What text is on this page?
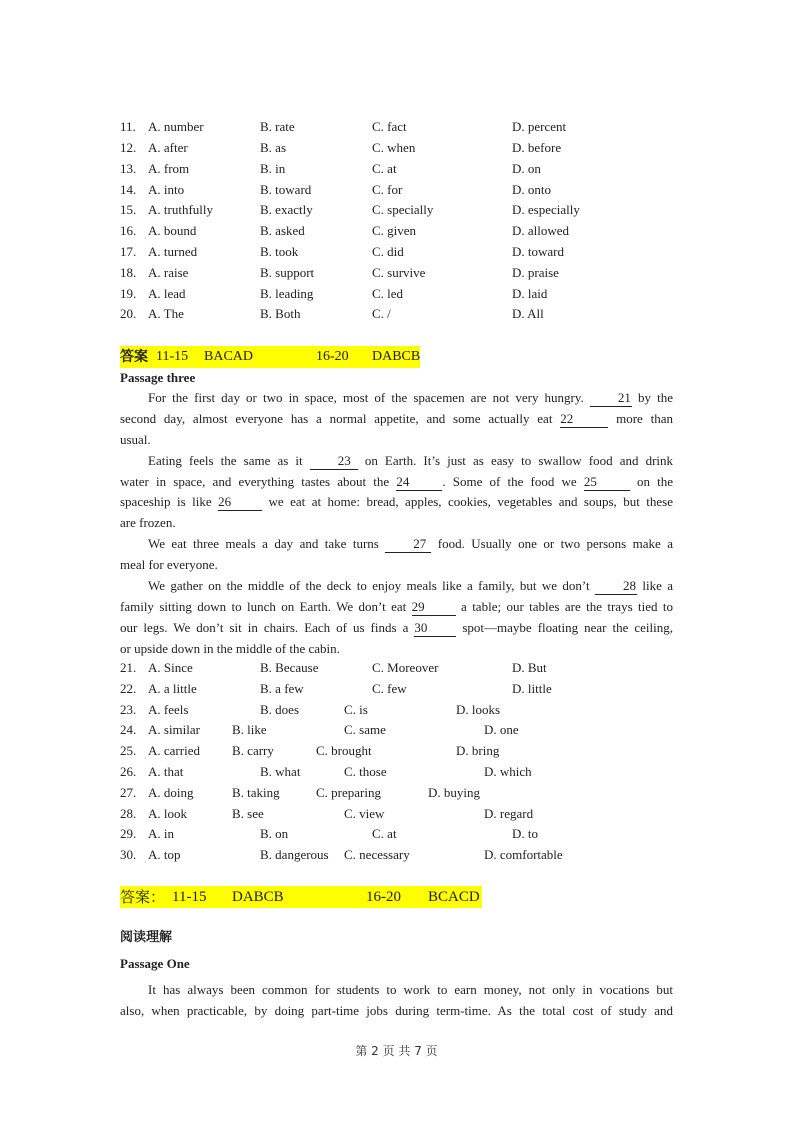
11. A. number	B. rate	C. fact	D. percent
12. A. after	B. as	C. when	D. before
13. A. from	B. in	C. at	D. on
14. A. into	B. toward	C. for	D. onto
15. A. truthfully	B. exactly	C. specially	D. especially
16. A. bound	B. asked	C. given	D. allowed
17. A. turned	B. took	C. did	D. toward
18. A. raise	B. support	C. survive	D. praise
19. A. lead	B. leading	C. led	D. laid
20. A. The	B. Both	C. /	D. All
答案 11-15 BACAD	16-20 DABCB
Passage three
For the first day or two in space, most of the spacemen are not very hungry.	21 by the
second day, almost everyone has a normal appetite, and some actually eat 22	more than
usual.
Eating feels the same as it	23 on Earth. It’s just as easy to swallow food and drink
water in space, and everything tastes about the 24	. Some of the food we 25	on the
spaceship is like 26	we eat at home: bread, apples, cookies, vegetables and soups, but these
are frozen.
We eat three meals a day and take turns	27 food. Usually one or two persons make a
meal for everyone.
We gather on the middle of the deck to enjoy meals like a family, but we don’t	28 like a
family sitting down to lunch on Earth. We don’t eat 29	a table; our tables are the trays tied to
our legs. We don’t sit in chairs. Each of us finds a 30	spot—maybe floating near the ceiling,
or upside down in the middle of the cabin.
21. A. Since	B. Because	C. Moreover	D. But
22. A. a little	B. a few	C. few	D. little
23. A. feels	B. does	C. is	D. looks
24. A. similar B. like	C. same	D. one
25. A. carried B. carry	C. brought	D. bring
26. A. that	B. what	C. those	D. which
27. A. doing	B. taking	C. preparing	D. buying
28. A. look	B. see	C. view	D. regard
29. A. in	B. on	C. at	D. to
30. A. top	B. dangerous C. necessary	D. comfortable
答案： 11-15 DABCB	16-20 BCACD
阅读理解
Passage One
It has always been common for students to work to earn money, not only in vocations but
also, when practicable, by doing part-time jobs during term-time. As the total cost of study and
第 2 页 共 7 页
